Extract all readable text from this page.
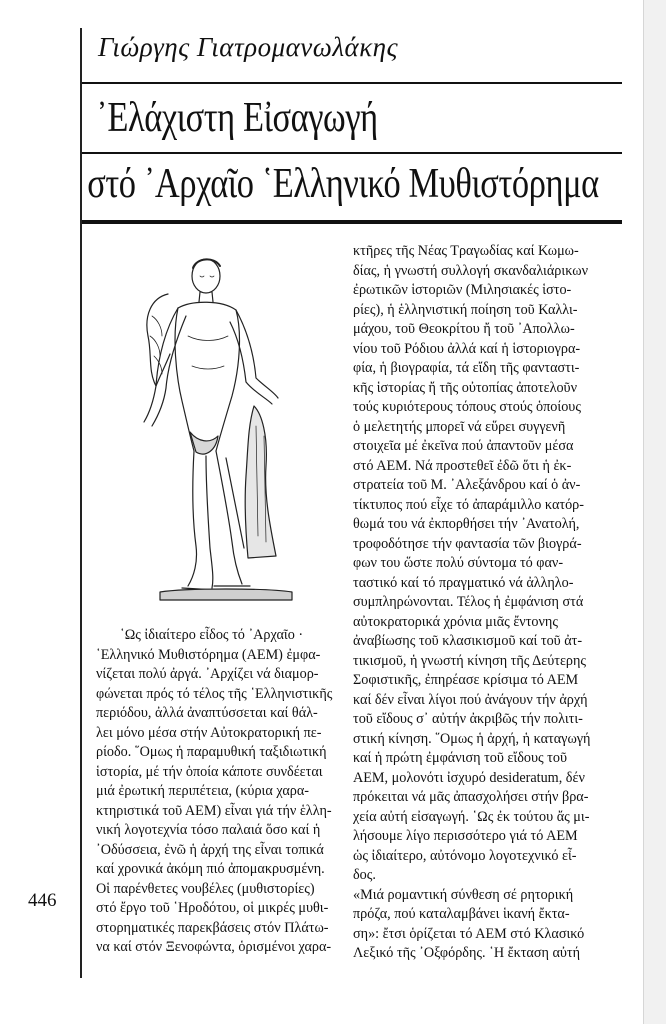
Γιώργης Γιατρομανωλάκης
᾿Ελάχιστη Εἰσαγωγή
στό ᾿Αρχαῖο ῾Ελληνικό Μυθιστόρημα

῾Ως ἰδιαίτερο εἶδος τό ᾿Αρχαῖο ·

῾Ελληνικό Μυθιστόρημα (ΑΕΜ) ἐμφα-

νίζεται πολύ ἀργά. ᾿Αρχίζει νά διαμορ-

φώνεται πρός τό τέλος τῆς ῾Ελληνιστικῆς

περιόδου, ἀλλά ἀναπτύσσεται καί θάλ-

λει μόνο μέσα στήν Αὐτοκρατορική πε-

ρίοδο. ῞Ομως ἡ παραμυθική ταξιδιωτική

ἱστορία, μέ τήν ὁποία κάποτε συνδέεται

μιά ἐρωτική περιπέτεια, (κύρια χαρα-

κτηριστικά τοῦ ΑΕΜ) εἶναι γιά τήν ἑλλη-

νική λογοτεχνία τόσο παλαιά ὅσο καί ἡ

᾿Οδύσσεια, ἐνῶ ἡ ἀρχή της εἶναι τοπικά

καί χρονικά ἀκόμη πιό ἀπομακρυσμένη.

Οἱ παρένθετες νουβέλες (μυθιστορίες)

στό ἔργο τοῦ ῾Ηροδότου, οἱ μικρές μυθι-

στορηματικές παρεκβάσεις στόν Πλάτω-

να καί στόν Ξενοφώντα, ὁρισμένοι χαρα-

κτῆρες τῆς Νέας Τραγωδίας καί Κωμω-

δίας, ἡ γνωστή συλλογή σκανδαλιάρικων

ἐρωτικῶν ἱστοριῶν (Μιλησιακές ἱστο-

ρίες), ἡ ἑλληνιστική ποίηση τοῦ Καλλι-

μάχου, τοῦ Θεοκρίτου ἤ τοῦ ᾿Απολλω-

νίου τοῦ Ρόδιου ἀλλά καί ἡ ἱστοριογρα-

φία, ἡ βιογραφία, τά εἴδη τῆς φανταστι-

κῆς ἱστορίας ἤ τῆς οὐτοπίας ἀποτελοῦν

τούς κυριότερους τόπους στούς ὁποίους

ὁ μελετητής μπορεῖ νά εὕρει συγγενῆ

στοιχεῖα μέ ἐκεῖνα πού ἀπαντοῦν μέσα

στό ΑΕΜ. Νά προστεθεῖ ἐδῶ ὅτι ἡ ἐκ-

στρατεία τοῦ Μ. ᾿Αλεξάνδρου καί ὁ ἀν-

τίκτυπος πού εἶχε τό ἀπαράμιλλο κατόρ-

θωμά του νά ἐκπορθήσει τήν ᾿Ανατολή,

τροφοδότησε τήν φαντασία τῶν βιογρά-

φων του ὥστε πολύ σύντομα τό φαν-

ταστικό καί τό πραγματικό νά ἀλληλο-

συμπληρώνονται. Τέλος ἡ ἐμφάνιση στά

αὐτοκρατορικά χρόνια μιᾶς ἔντονης

ἀναβίωσης τοῦ κλασικισμοῦ καί τοῦ ἀτ-

τικισμοῦ, ἡ γνωστή κίνηση τῆς Δεύτερης

Σοφιστικῆς, ἐπηρέασε κρίσιμα τό ΑΕΜ

καί δέν εἶναι λίγοι πού ἀνάγουν τήν ἀρχή

τοῦ εἴδους σ᾿ αὐτήν ἀκριβῶς τήν πολιτι-

στική κίνηση. ῞Ομως ἡ ἀρχή, ἡ καταγωγή

καί ἡ πρώτη ἐμφάνιση τοῦ εἴδους τοῦ

ΑΕΜ, μολονότι ἰσχυρό desideratum, δέν

πρόκειται νά μᾶς ἀπασχολήσει στήν βρα-

χεία αὐτή εἰσαγωγή. ῾Ως ἐκ τούτου ἄς μι-

λήσουμε λίγο περισσότερο γιά τό ΑΕΜ

ὡς ἰδιαίτερο, αὐτόνομο λογοτεχνικό εἶ-

δος.

«Μιά ρομαντική σύνθεση σέ ρητορική

πρόζα, πού καταλαμβάνει ἱκανή ἔκτα-

ση»: ἔτσι ὁρίζεται τό ΑΕΜ στό Κλασικό

Λεξικό τῆς ᾿Οξφόρδης. ῾Η ἔκταση αὐτή

446
